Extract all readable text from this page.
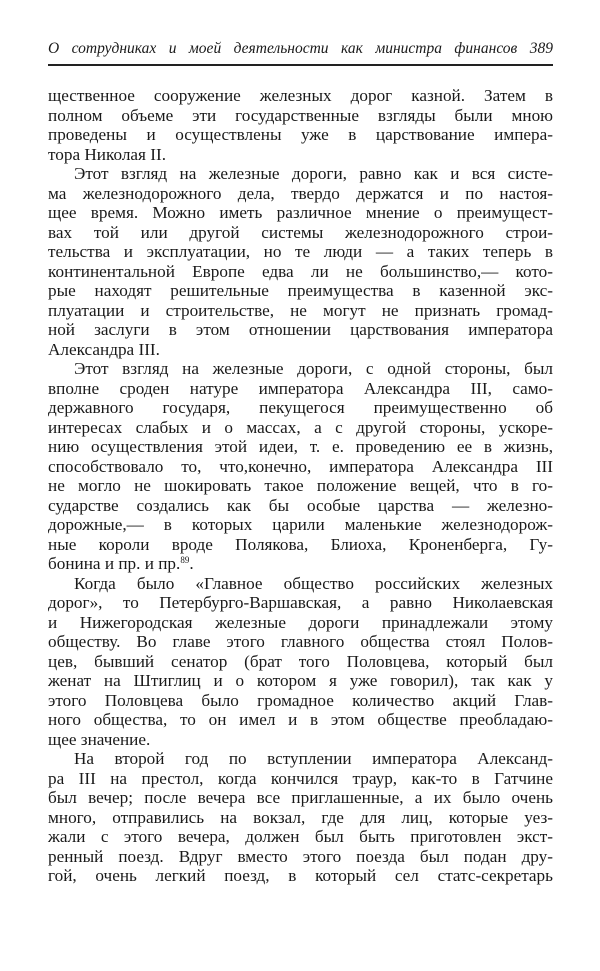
О сотрудниках и моей деятельности как министра финансов 389
щественное сооружение железных дорог казной. Затем в
полном объеме эти государственные взгляды были мною
проведены и осуществлены уже в царствование импера-
тора Николая II.
Этот взгляд на железные дороги, равно как и вся систе-
ма железнодорожного дела, твердо держатся и по настоя-
щее время. Можно иметь различное мнение о преимущест-
вах той или другой системы железнодорожного строи-
тельства и эксплуатации, но те люди — а таких теперь в
континентальной Европе едва ли не большинство,— кото-
рые находят решительные преимущества в казенной экс-
плуатации и строительстве, не могут не признать громад-
ной заслуги в этом отношении царствования императора
Александра III.
Этот взгляд на железные дороги, с одной стороны, был
вполне сроден натуре императора Александра III, само-
державного государя, пекущегося преимущественно об
интересах слабых и о массах, а с другой стороны, ускоре-
нию осуществления этой идеи, т. е. проведению ее в жизнь,
способствовало то, что,конечно, императора Александра III
не могло не шокировать такое положение вещей, что в го-
сударстве создались как бы особые царства — железно-
дорожные,— в которых царили маленькие железнодорож-
ные короли вроде Полякова, Блиоха, Кроненберга, Гу-
бонина и пр. и пр.$^{89}$.
Когда было «Главное общество российских железных
дорог», то Петербурго-Варшавская, а равно Николаевская
и Нижегородская железные дороги принадлежали этому
обществу. Во главе этого главного общества стоял Полов-
цев, бывший сенатор (брат того Половцева, который был
женат на Штиглиц и о котором я уже говорил), так как у
этого Половцева было громадное количество акций Глав-
ного общества, то он имел и в этом обществе преобладаю-
щее значение.
На второй год по вступлении императора Александ-
ра III на престол, когда кончился траур, как-то в Гатчине
был вечер; после вечера все приглашенные, а их было очень
много, отправились на вокзал, где для лиц, которые уез-
жали с этого вечера, должен был быть приготовлен экст-
ренный поезд. Вдруг вместо этого поезда был подан дру-
гой, очень легкий поезд, в который сел статс-секретарь
